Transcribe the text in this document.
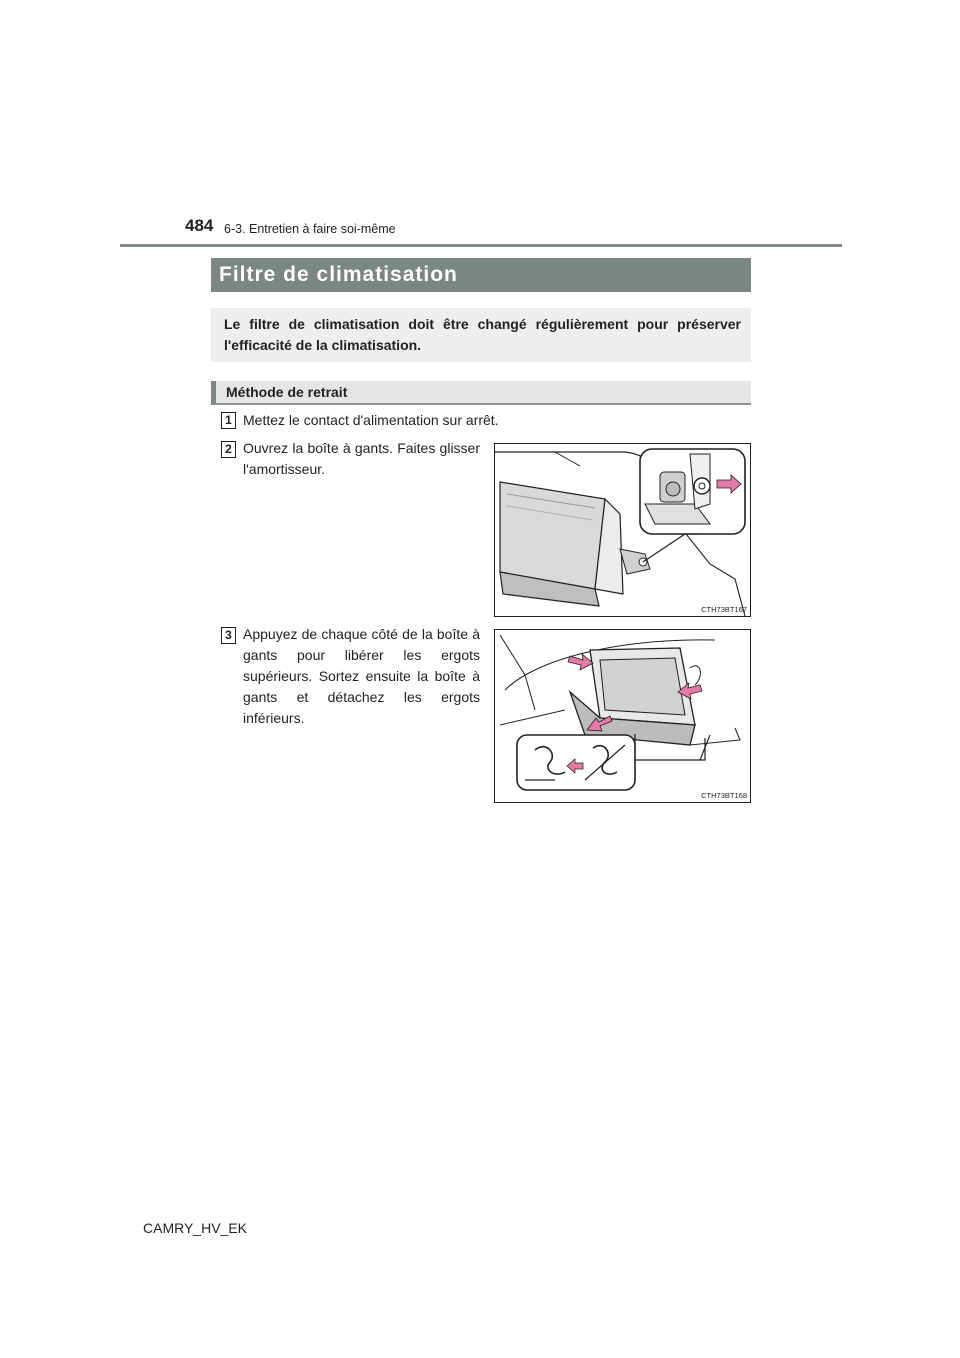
484 6-3. Entretien à faire soi-même
Filtre de climatisation
Le filtre de climatisation doit être changé régulièrement pour préserver l'efficacité de la climatisation.
Méthode de retrait
1 Mettez le contact d'alimentation sur arrêt.
2 Ouvrez la boîte à gants. Faites glisser l'amortisseur.
CTH73BT167
3 Appuyez de chaque côté de la boîte à gants pour libérer les ergots supérieurs. Sortez ensuite la boîte à gants et détachez les ergots inférieurs.
CTH73BT168
CAMRY_HV_EK
